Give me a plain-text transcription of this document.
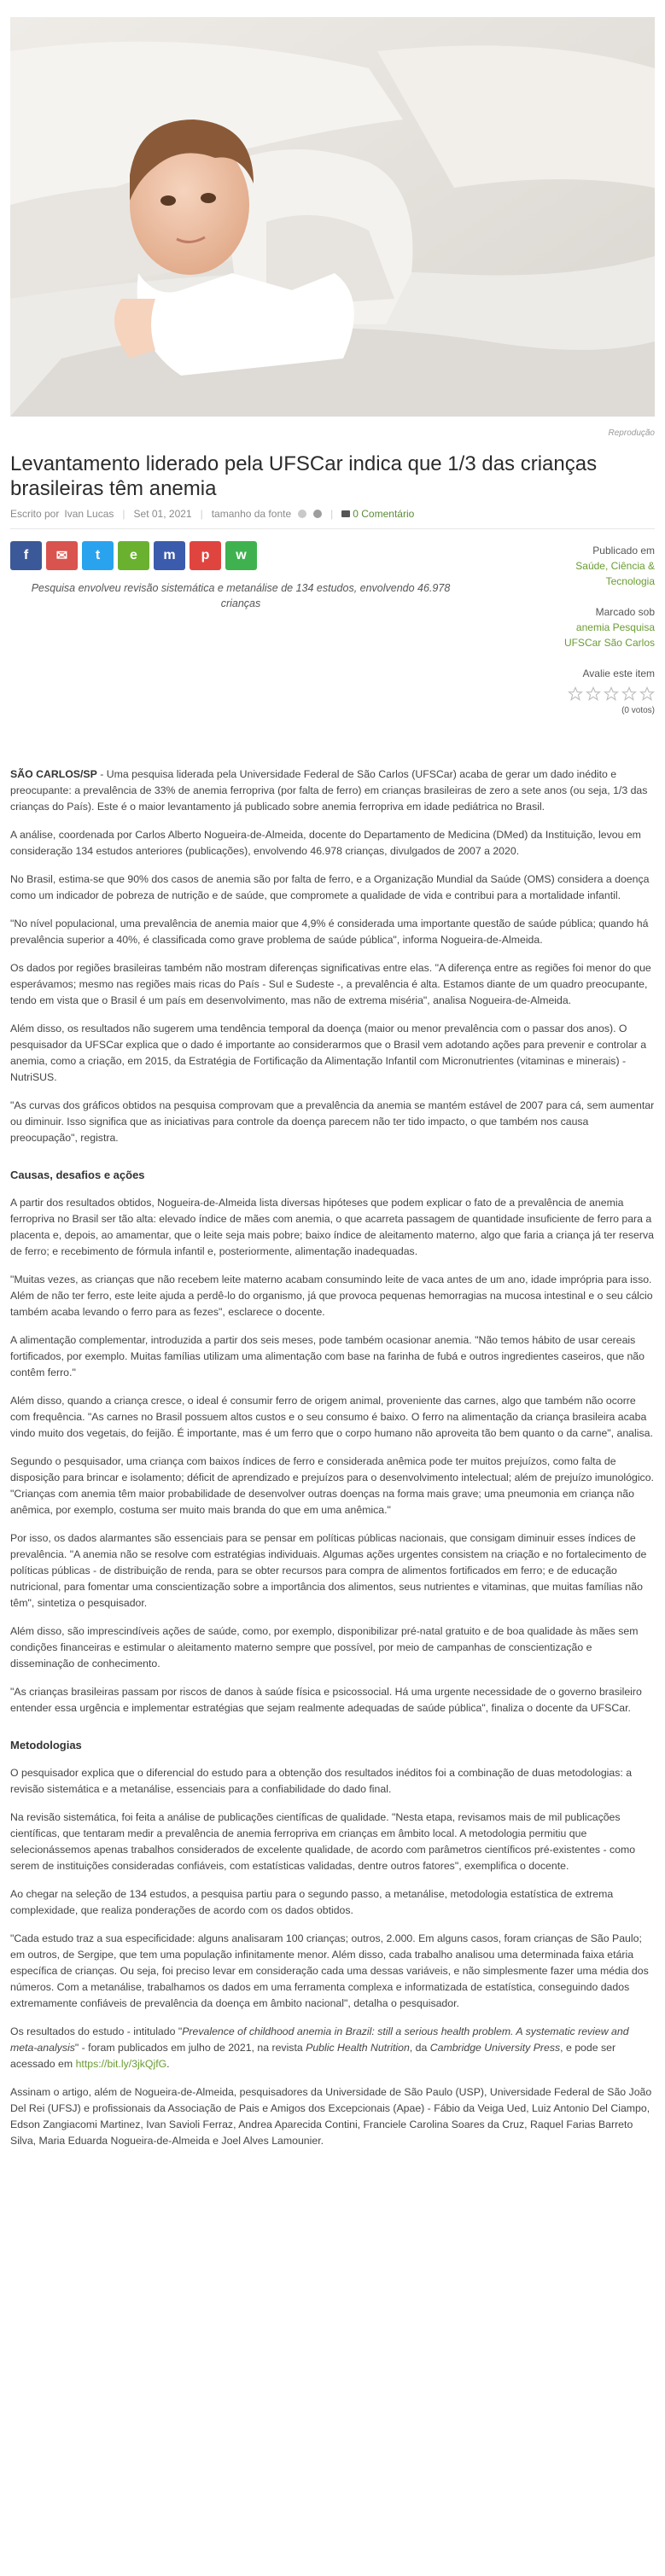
Reprodução
Levantamento liderado pela UFSCar indica que 1/3 das crianças brasileiras têm anemia
Escrito por Ivan Lucas | Set 01, 2021 | tamanho da fonte	| 0 Comentário
f ✉ t e m p w

Pesquisa envolveu revisão sistemática e metanálise de 134 estudos, envolvendo 46.978 crianças

Publicado em
Saúde, Ciência & Tecnologia
Marcado sob
anemia Pesquisa
UFSCar São Carlos
Avalie este item
(0 votos)

SÃO CARLOS/SP - Uma pesquisa liderada pela Universidade Federal de São Carlos (UFSCar) acaba de gerar um dado inédito e preocupante: a prevalência de 33% de anemia ferropriva (por falta de ferro) em crianças brasileiras de zero a sete anos (ou seja, 1/3 das crianças do País). Este é o maior levantamento já publicado sobre anemia ferropriva em idade pediátrica no Brasil.

A análise, coordenada por Carlos Alberto Nogueira-de-Almeida, docente do Departamento de Medicina (DMed) da Instituição, levou em consideração 134 estudos anteriores (publicações), envolvendo 46.978 crianças, divulgados de 2007 a 2020.

No Brasil, estima-se que 90% dos casos de anemia são por falta de ferro, e a Organização Mundial da Saúde (OMS) considera a doença como um indicador de pobreza de nutrição e de saúde, que compromete a qualidade de vida e contribui para a mortalidade infantil.

"No nível populacional, uma prevalência de anemia maior que 4,9% é considerada uma importante questão de saúde pública; quando há prevalência superior a 40%, é classificada como grave problema de saúde pública", informa Nogueira-de-Almeida.

Os dados por regiões brasileiras também não mostram diferenças significativas entre elas. "A diferença entre as regiões foi menor do que esperávamos; mesmo nas regiões mais ricas do País - Sul e Sudeste -, a prevalência é alta. Estamos diante de um quadro preocupante, tendo em vista que o Brasil é um país em desenvolvimento, mas não de extrema miséria", analisa Nogueira-de-Almeida.

Além disso, os resultados não sugerem uma tendência temporal da doença (maior ou menor prevalência com o passar dos anos). O pesquisador da UFSCar explica que o dado é importante ao considerarmos que o Brasil vem adotando ações para prevenir e controlar a anemia, como a criação, em 2015, da Estratégia de Fortificação da Alimentação Infantil com Micronutrientes (vitaminas e minerais) - NutriSUS.

"As curvas dos gráficos obtidos na pesquisa comprovam que a prevalência da anemia se mantém estável de 2007 para cá, sem aumentar ou diminuir. Isso significa que as iniciativas para controle da doença parecem não ter tido impacto, o que também nos causa preocupação", registra.

Causas, desafios e ações

A partir dos resultados obtidos, Nogueira-de-Almeida lista diversas hipóteses que podem explicar o fato de a prevalência de anemia ferropriva no Brasil ser tão alta: elevado índice de mães com anemia, o que acarreta passagem de quantidade insuficiente de ferro para a placenta e, depois, ao amamentar, que o leite seja mais pobre; baixo índice de aleitamento materno, algo que faria a criança já ter reserva de ferro; e recebimento de fórmula infantil e, posteriormente, alimentação inadequadas.

"Muitas vezes, as crianças que não recebem leite materno acabam consumindo leite de vaca antes de um ano, idade imprópria para isso. Além de não ter ferro, este leite ajuda a perdê-lo do organismo, já que provoca pequenas hemorragias na mucosa intestinal e o seu cálcio também acaba levando o ferro para as fezes", esclarece o docente.

A alimentação complementar, introduzida a partir dos seis meses, pode também ocasionar anemia. "Não temos hábito de usar cereais fortificados, por exemplo. Muitas famílias utilizam uma alimentação com base na farinha de fubá e outros ingredientes caseiros, que não contêm ferro."

Além disso, quando a criança cresce, o ideal é consumir ferro de origem animal, proveniente das carnes, algo que também não ocorre com frequência. "As carnes no Brasil possuem altos custos e o seu consumo é baixo. O ferro na alimentação da criança brasileira acaba vindo muito dos vegetais, do feijão. É importante, mas é um ferro que o corpo humano não aproveita tão bem quanto o da carne", analisa.

Segundo o pesquisador, uma criança com baixos índices de ferro e considerada anêmica pode ter muitos prejuízos, como falta de disposição para brincar e isolamento; déficit de aprendizado e prejuízos para o desenvolvimento intelectual; além de prejuízo imunológico. "Crianças com anemia têm maior probabilidade de desenvolver outras doenças na forma mais grave; uma pneumonia em criança não anêmica, por exemplo, costuma ser muito mais branda do que em uma anêmica."

Por isso, os dados alarmantes são essenciais para se pensar em políticas públicas nacionais, que consigam diminuir esses índices de prevalência. "A anemia não se resolve com estratégias individuais. Algumas ações urgentes consistem na criação e no fortalecimento de políticas públicas - de distribuição de renda, para se obter recursos para compra de alimentos fortificados em ferro; e de educação nutricional, para fomentar uma conscientização sobre a importância dos alimentos, seus nutrientes e vitaminas, que muitas famílias não têm", sintetiza o pesquisador.

Além disso, são imprescindíveis ações de saúde, como, por exemplo, disponibilizar pré-natal gratuito e de boa qualidade às mães sem condições financeiras e estimular o aleitamento materno sempre que possível, por meio de campanhas de conscientização e disseminação de conhecimento.

"As crianças brasileiras passam por riscos de danos à saúde física e psicossocial. Há uma urgente necessidade de o governo brasileiro entender essa urgência e implementar estratégias que sejam realmente adequadas de saúde pública", finaliza o docente da UFSCar.

Metodologias

O pesquisador explica que o diferencial do estudo para a obtenção dos resultados inéditos foi a combinação de duas metodologias: a revisão sistemática e a metanálise, essenciais para a confiabilidade do dado final.

Na revisão sistemática, foi feita a análise de publicações científicas de qualidade. "Nesta etapa, revisamos mais de mil publicações científicas, que tentaram medir a prevalência de anemia ferropriva em crianças em âmbito local. A metodologia permitiu que selecionássemos apenas trabalhos considerados de excelente qualidade, de acordo com parâmetros científicos pré-existentes - como serem de instituições consideradas confiáveis, com estatísticas validadas, dentre outros fatores", exemplifica o docente.

Ao chegar na seleção de 134 estudos, a pesquisa partiu para o segundo passo, a metanálise, metodologia estatística de extrema complexidade, que realiza ponderações de acordo com os dados obtidos.

"Cada estudo traz a sua especificidade: alguns analisaram 100 crianças; outros, 2.000. Em alguns casos, foram crianças de São Paulo; em outros, de Sergipe, que tem uma população infinitamente menor. Além disso, cada trabalho analisou uma determinada faixa etária específica de crianças. Ou seja, foi preciso levar em consideração cada uma dessas variáveis, e não simplesmente fazer uma média dos números. Com a metanálise, trabalhamos os dados em uma ferramenta complexa e informatizada de estatística, conseguindo dados extremamente confiáveis de prevalência da doença em âmbito nacional", detalha o pesquisador.

Os resultados do estudo - intitulado "Prevalence of childhood anemia in Brazil: still a serious health problem. A systematic review and meta-analysis" - foram publicados em julho de 2021, na revista Public Health Nutrition, da Cambridge University Press, e pode ser acessado em https://bit.ly/3jkQjfG.

Assinam o artigo, além de Nogueira-de-Almeida, pesquisadores da Universidade de São Paulo (USP), Universidade Federal de São João Del Rei (UFSJ) e profissionais da Associação de Pais e Amigos dos Excepcionais (Apae) - Fábio da Veiga Ued, Luiz Antonio Del Ciampo, Edson Zangiacomi Martinez, Ivan Savioli Ferraz, Andrea Aparecida Contini, Franciele Carolina Soares da Cruz, Raquel Farias Barreto Silva, Maria Eduarda Nogueira-de-Almeida e Joel Alves Lamounier.
